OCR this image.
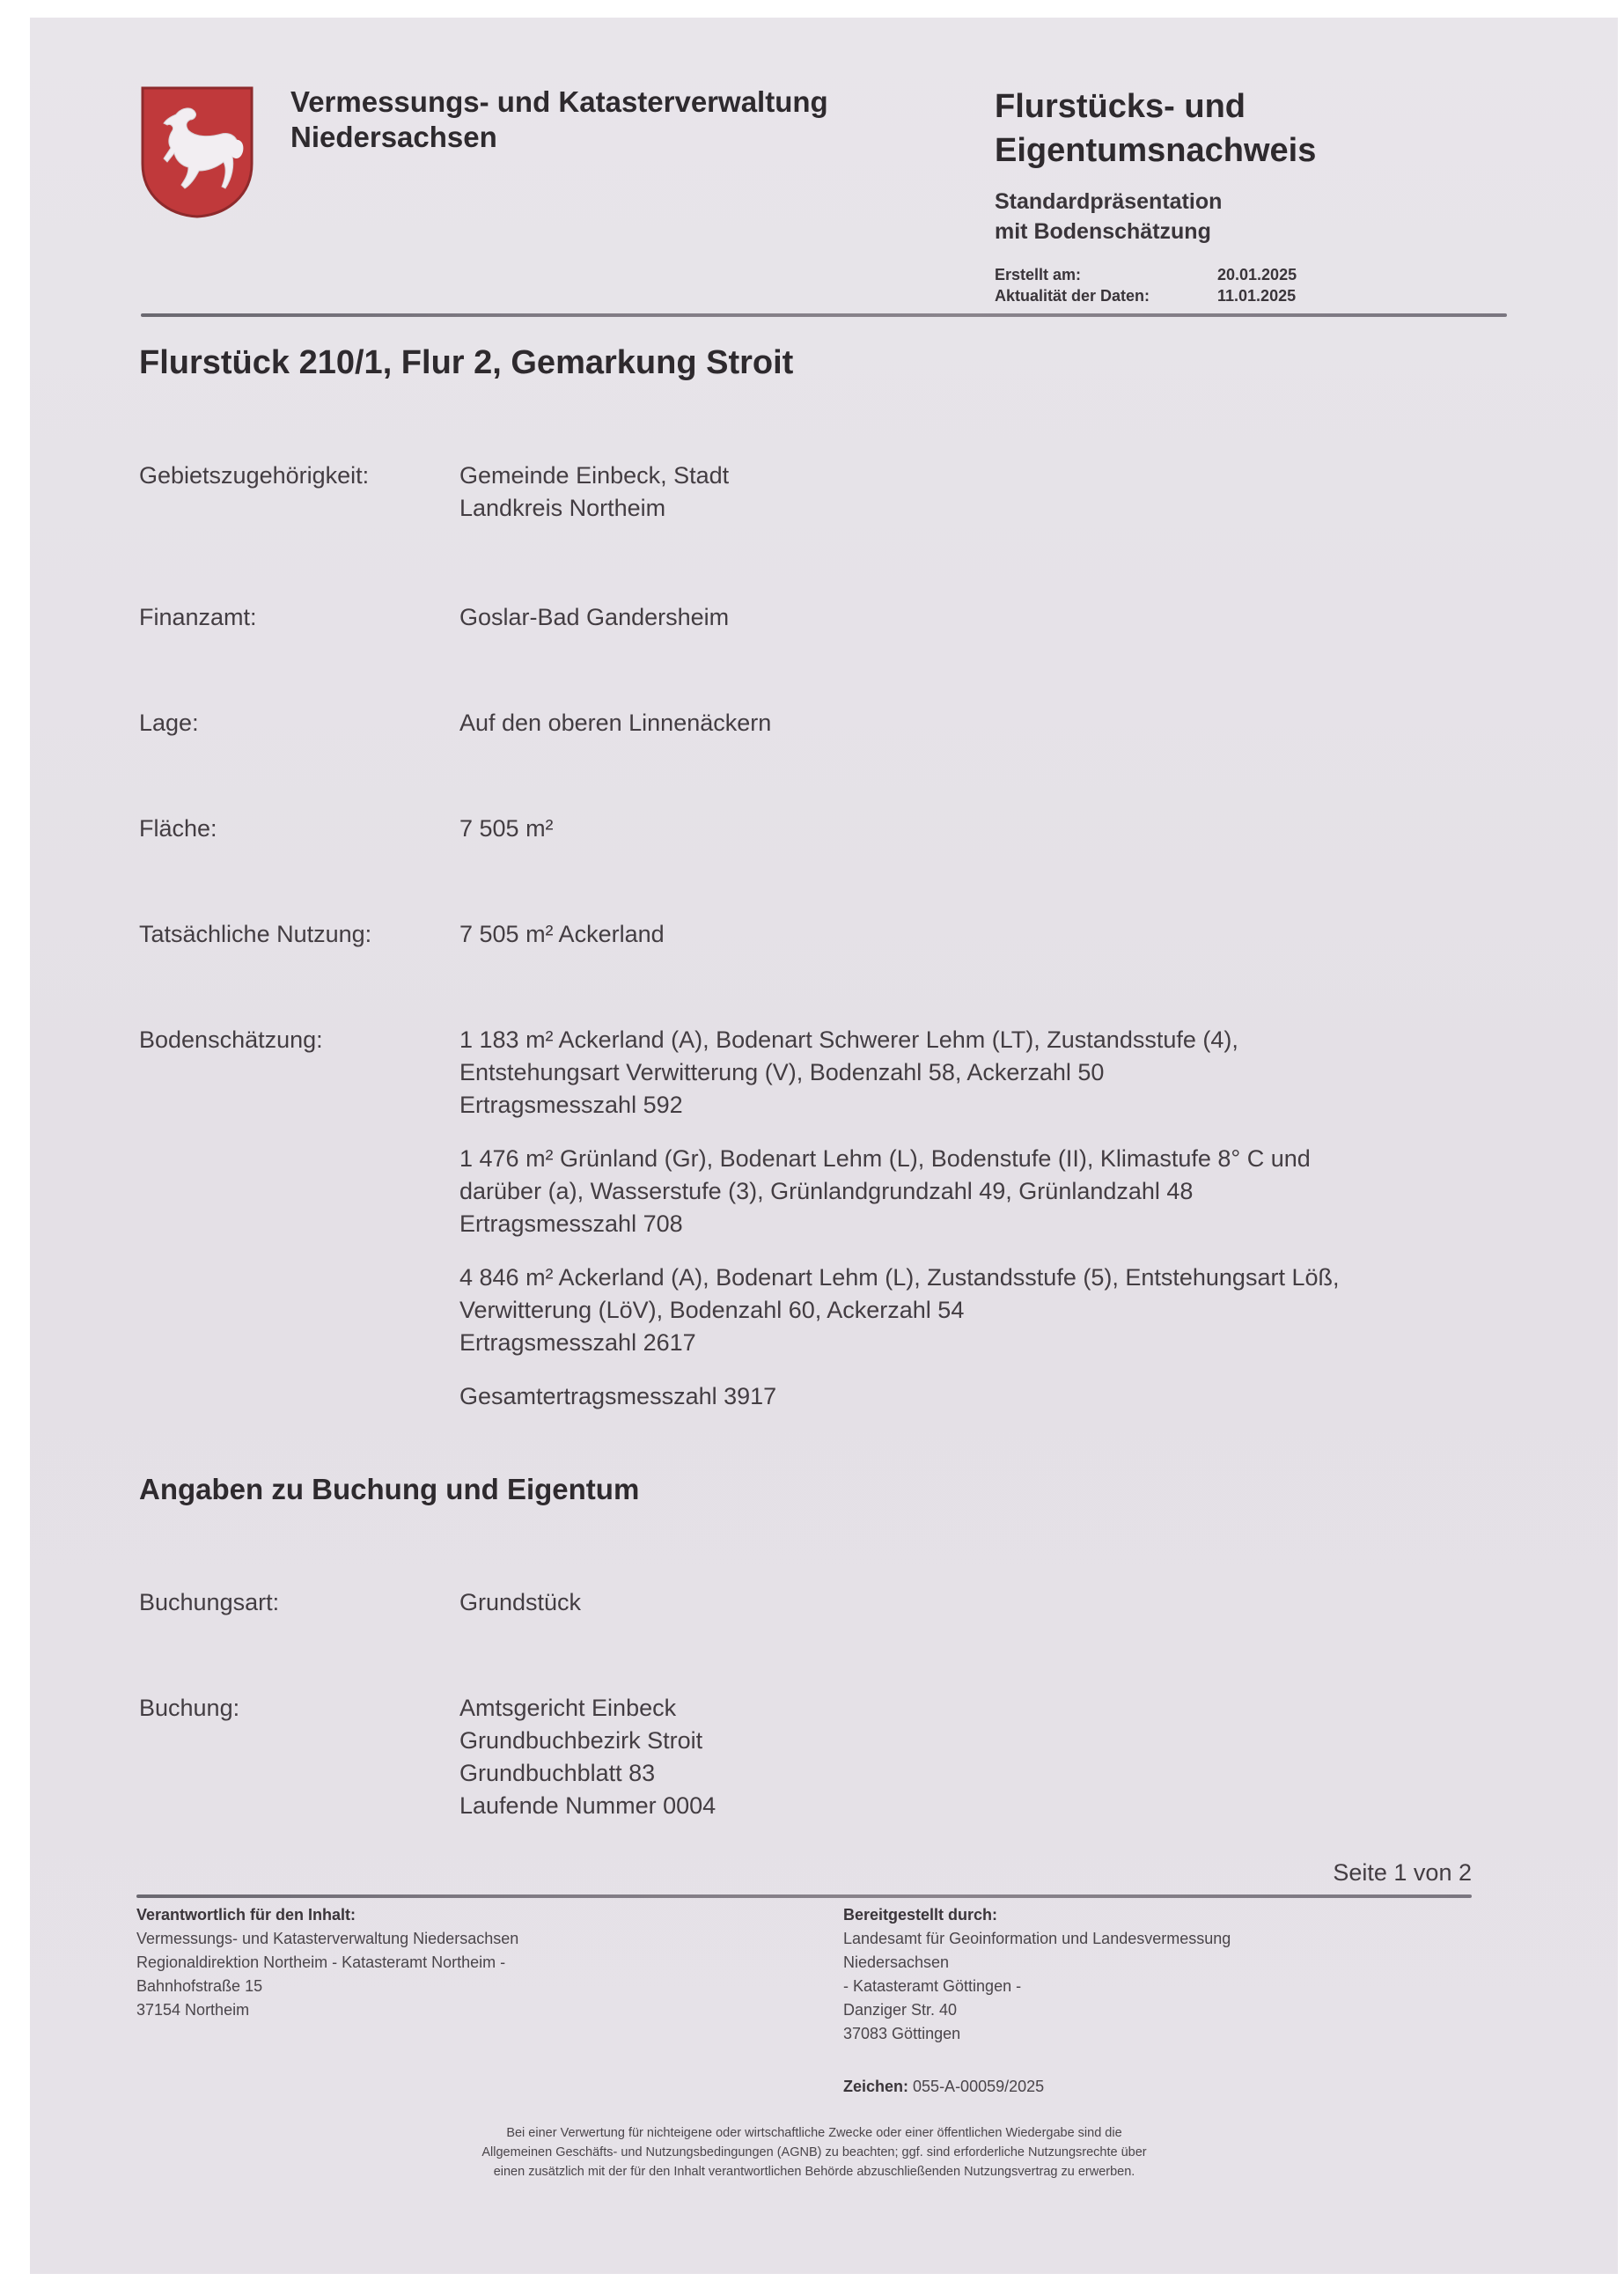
Vermessungs- und Katasterverwaltung
Niedersachsen
Flurstücks- und
Eigentumsnachweis
Standardpräsentation
mit Bodenschätzung
Erstellt am:	20.01.2025
Aktualität der Daten:	11.01.2025
Flurstück 210/1, Flur 2, Gemarkung Stroit
Gebietszugehörigkeit:	Gemeinde Einbeck, Stadt
Landkreis Northeim
Finanzamt:	Goslar-Bad Gandersheim
Lage:	Auf den oberen Linnenäckern
Fläche:	7 505 m²
Tatsächliche Nutzung:	7 505 m² Ackerland
Bodenschätzung:	1 183 m² Ackerland (A), Bodenart Schwerer Lehm (LT), Zustandsstufe (4),
Entstehungsart Verwitterung (V), Bodenzahl 58, Ackerzahl 50
Ertragsmesszahl 592
1 476 m² Grünland (Gr), Bodenart Lehm (L), Bodenstufe (II), Klimastufe 8° C und
darüber (a), Wasserstufe (3), Grünlandgrundzahl 49, Grünlandzahl 48
Ertragsmesszahl 708
4 846 m² Ackerland (A), Bodenart Lehm (L), Zustandsstufe (5), Entstehungsart Löß,
Verwitterung (LöV), Bodenzahl 60, Ackerzahl 54
Ertragsmesszahl 2617
Gesamtertragsmesszahl 3917
Angaben zu Buchung und Eigentum
Buchungsart:	Grundstück
Buchung:	Amtsgericht Einbeck
Grundbuchbezirk Stroit
Grundbuchblatt 83
Laufende Nummer 0004
Seite 1 von 2
Verantwortlich für den Inhalt:
Vermessungs- und Katasterverwaltung Niedersachsen
Regionaldirektion Northeim - Katasteramt Northeim -
Bahnhofstraße 15
37154 Northeim
Bereitgestellt durch:
Landesamt für Geoinformation und Landesvermessung
Niedersachsen
- Katasteramt Göttingen -
Danziger Str. 40
37083 Göttingen
Zeichen: 055-A-00059/2025
Bei einer Verwertung für nichteigene oder wirtschaftliche Zwecke oder einer öffentlichen Wiedergabe sind die
Allgemeinen Geschäfts- und Nutzungsbedingungen (AGNB) zu beachten; ggf. sind erforderliche Nutzungsrechte über
einen zusätzlich mit der für den Inhalt verantwortlichen Behörde abzuschließenden Nutzungsvertrag zu erwerben.
